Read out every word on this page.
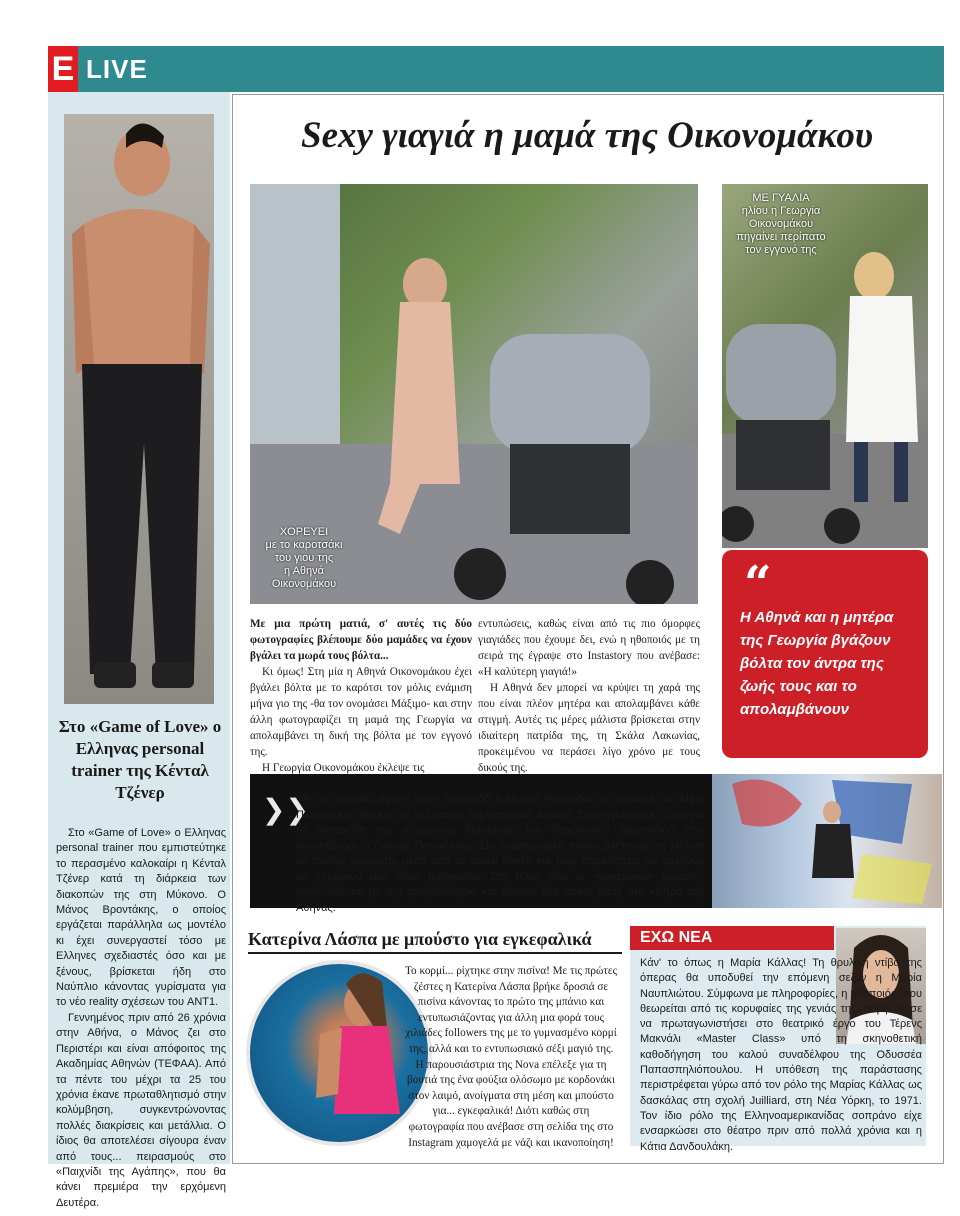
E LIVE
Στο «Game of Love» ο Ελληνας personal trainer της Κένταλ Τζένερ

Στο «Game of Love» ο Ελληνας personal trainer που εμπιστεύτηκε το περασμένο καλοκαίρι η Κένταλ Τζένερ κατά τη διάρκεια των διακοπών της στη Μύκονο. Ο Μάνος Βροντάκης, ο οποίος εργάζεται παράλληλα ως μοντέλο κι έχει συνεργαστεί τόσο με Ελληνες σχεδιαστές όσο και με ξένους, βρίσκεται ήδη στο Ναύπλιο κάνοντας γυρίσματα για το νέο reality σχέσεων του ANT1.

Γεννημένος πριν από 26 χρόνια στην Αθήνα, ο Μάνος ζει στο Περιστέρι και είναι απόφοιτος της Ακαδημίας Αθηνών (ΤΕΦΑΑ). Από τα πέντε του μέχρι τα 25 του χρόνια έκανε πρωταθλητισμό στην κολύμβηση, συγκεντρώνοντας πολλές διακρίσεις και μετάλλια. Ο ίδιος θα αποτελέσει σίγουρα έναν από τους... πειρασμούς στο «Παιχνίδι της Αγάπης», που θα κάνει πρεμιέρα την ερχόμενη Δευτέρα.

Sexy γιαγιά η μαμά της Οικονομάκου
ΧΟΡΕΥΕΙ
με το καροτσάκι
του γιου της
η Αθηνά
Οικονομάκου
ΜΕ ΓΥΑΛΙΑ
ηλίου η Γεωργία
Οικονομάκου
πηγαίνει περίπατο
τον εγγονό της
“
Η Αθηνά και η μητέρα της Γεωργία βγάζουν βόλτα τον άντρα της ζωής τους και το απολαμβάνουν

Με μια πρώτη ματιά, σ' αυτές τις δύο φωτογραφίες βλέπουμε δύο μαμάδες να έχουν βγάλει τα μωρά τους βόλτα...

Κι όμως! Στη μία η Αθηνά Οικονομάκου έχει βγάλει βόλτα με το καρότσι τον μόλις ενάμιση μήνα γιο της -θα τον ονομάσει Μάξιμο- και στην άλλη φωτογραφίζει τη μαμά της Γεωργία να απολαμβάνει τη δική της βόλτα με τον εγγονό της.

Η Γεωργία Οικονομάκου έκλεψε τις

εντυπώσεις, καθώς είναι από τις πιο όμορφες γιαγιάδες που έχουμε δει, ενώ η ηθοποιός με τη σειρά της έγραψε στο Instastory που ανέβασε: «Η καλύτερη γιαγιά!»

Η Αθηνά δεν μπορεί να κρύψει τη χαρά της που είναι πλέον μητέρα και απολαμβάνει κάθε στιγμή. Αυτές τις μέρες μάλιστα βρίσκεται στην ιδιαίτερη πατρίδα της, τη Σκάλα Λακωνίας, προκειμένου να περάσει λίγο χρόνο με τους δικούς της.

❯❯
«Αν σ' αρνηθώ, αγάπη μου» τραγουδά η Μελίνα Ασλανίδου σε μουσική του Μίμη Πλέσσα και στίχους της αξέχαστης ερμηνεύτριας Δανάης Στρατηγοπούλου. Οσο για το βιντεοκλίπ της σύγχρονης διασκευής του διαχρονικού τραγουδιού που σκηνοθέτησε ο Γιάννης Παπαδάκος; Στα εντυπωσιακά πλάνα βλέπουμε τη Μελίνα να στέλνει μηνύματα μέσα από τα social media και τους παραλήπτες να αρχίζουν να χορεύουν εκεί όπου βρίσκονται. Στο τέλος όλοι οι «μαγεμένοι» χορευτές συναντιούνται με την τραγουδίστρια και κάνουν ένα street party στο κέντρο της Αθήνας.
Κατερίνα Λάσπα με μπούστο για εγκεφαλικά

Το κορμί... ρίχτηκε στην πισίνα! Με τις πρώτες ζέστες η Κατερίνα Λάσπα βρήκε δροσιά σε πισίνα κάνοντας το πρώτο της μπάνιο και εντυπωσιάζοντας για άλλη μια φορά τους χιλιάδες followers της με το γυμνασμένο κορμί της, αλλά και το εντυπωσιακό σέξι μαγιό της.

Η παρουσιάστρια της Nova επέλεξε για τη βουτιά της ένα φούξια ολόσωμο με κορδονάκι στον λαιμό, ανοίγματα στη μέση και μπούστο για... εγκεφαλικά! Διότι καθώς στη φωτογραφία που ανέβασε στη σελίδα της στο Instagram χαμογελά με νάζι και ικανοποίηση!

ΕΧΩ ΝΕΑ

Κάν' το όπως η Μαρία Κάλλας! Τη θρυλική ντίβα της όπερας θα υποδυθεί την επόμενη σεζόν η Μαρία Ναυπλιώτου. Σύμφωνα με πληροφορίες, η ηθοποιός, που θεωρείται από τις κορυφαίες της γενιάς της, συμφώνησε να πρωταγωνιστήσει στο θεατρικό έργο του Τέρενς Μακνάλι «Master Class» υπό τη σκηνοθετική καθοδήγηση του καλού συναδέλφου της Οδυσσέα Παπασπηλιόπουλου. Η υπόθεση της παράστασης περιστρέφεται γύρω από τον ρόλο της Μαρίας Κάλλας ως δασκάλας στη σχολή Juilliard, στη Νέα Υόρκη, το 1971. Τον ίδιο ρόλο της Ελληνοαμερικανίδας σοπράνο είχε ενσαρκώσει στο θέατρο πριν από πολλά χρόνια και η Κάτια Δανδουλάκη.
